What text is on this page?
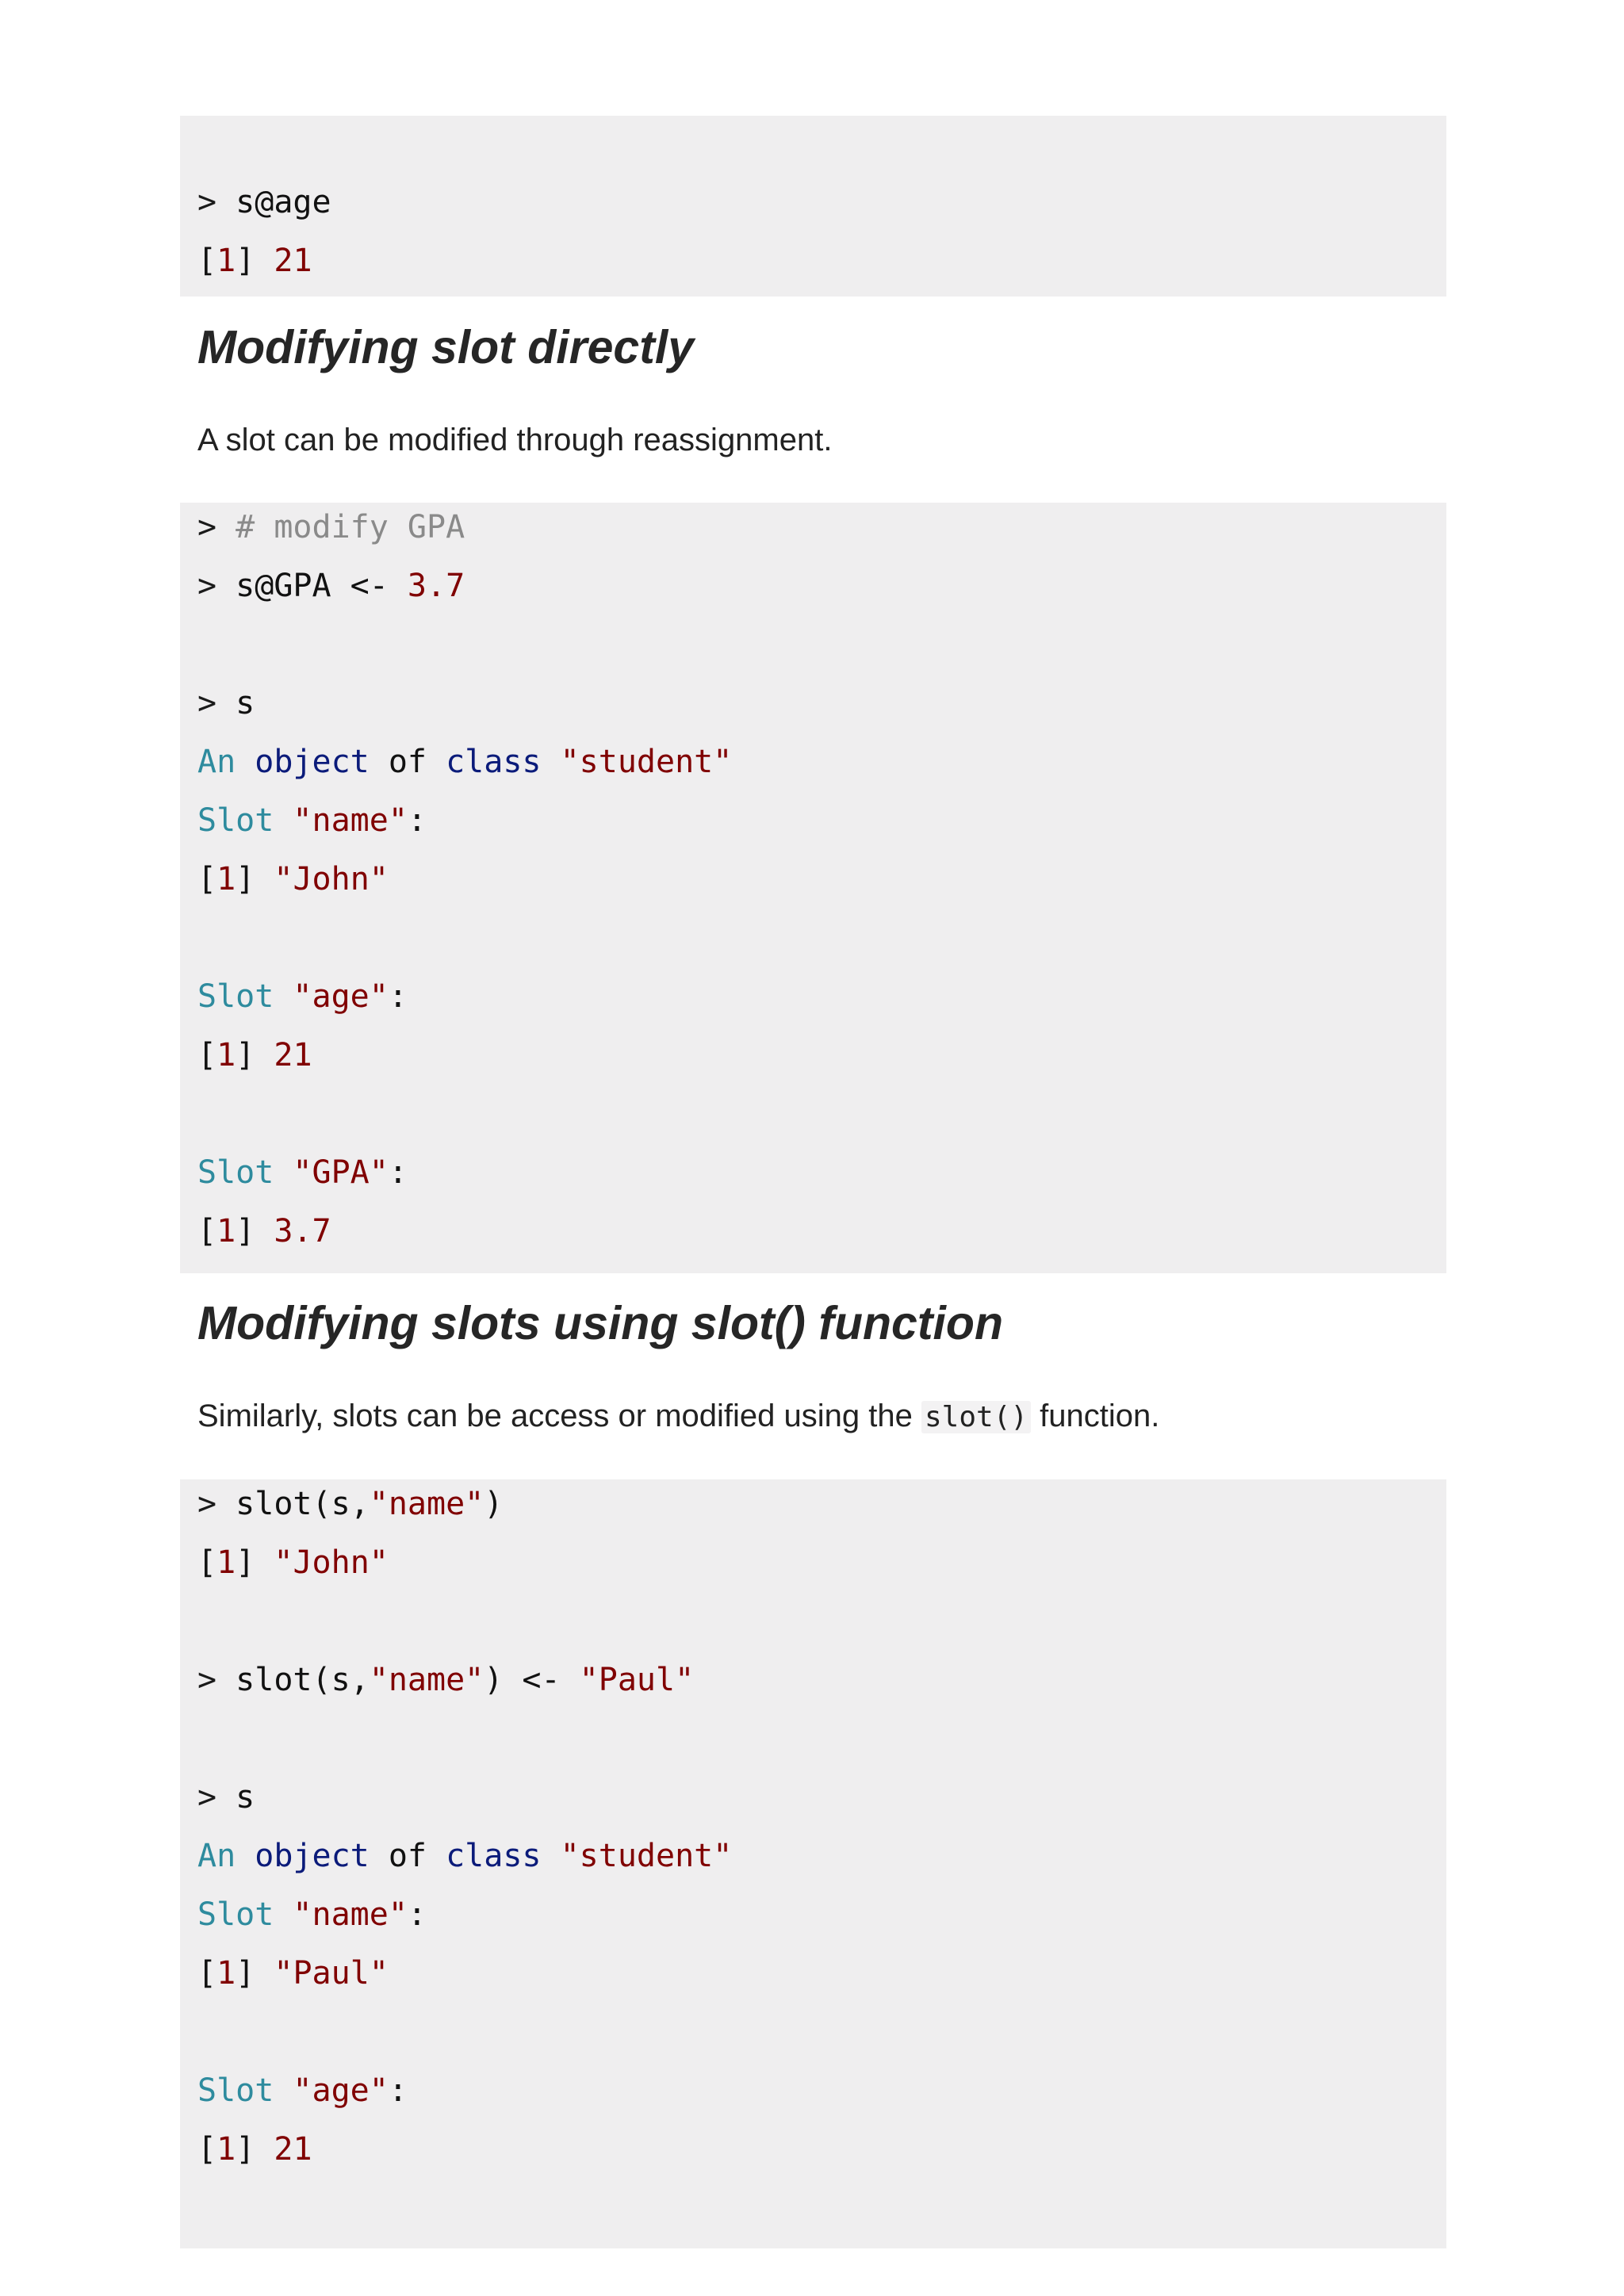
> s@age
[1] 21
Modifying slot directly
A slot can be modified through reassignment.
> # modify GPA
> s@GPA <- 3.7
> s
An object of class "student"
Slot "name":
[1] "John"
Slot "age":
[1] 21
Slot "GPA":
[1] 3.7
Modifying slots using slot() function
Similarly, slots can be access or modified using the slot() function.
> slot(s,"name")
[1] "John"
> slot(s,"name") <- "Paul"
> s
An object of class "student"
Slot "name":
[1] "Paul"
Slot "age":
[1] 21
